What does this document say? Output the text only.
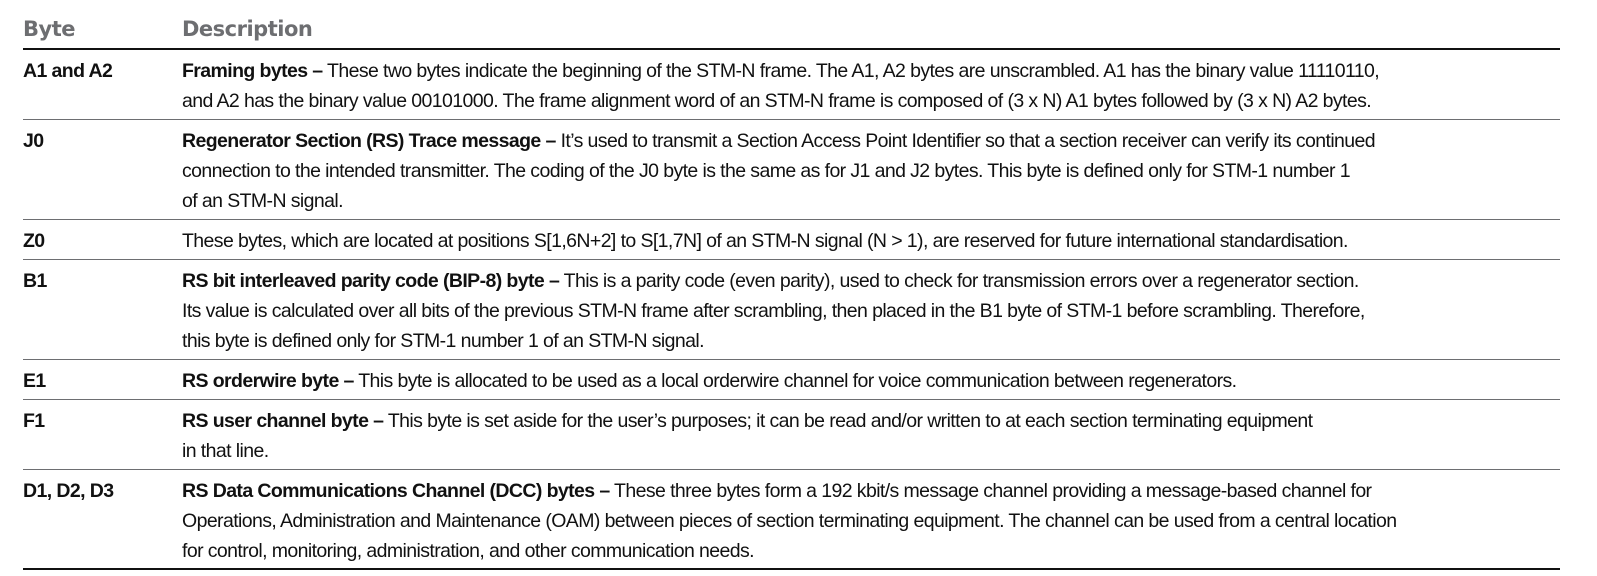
Byte	Description
A1 and A2	Framing bytes – These two bytes indicate the beginning of the STM-N frame. The A1, A2 bytes are unscrambled. A1 has the binary value 11110110,
and A2 has the binary value 00101000. The frame alignment word of an STM-N frame is composed of (3 x N) A1 bytes followed by (3 x N) A2 bytes.
J0	Regenerator Section (RS) Trace message – It’s used to transmit a Section Access Point Identifier so that a section receiver can verify its continued
connection to the intended transmitter. The coding of the J0 byte is the same as for J1 and J2 bytes. This byte is defined only for STM-1 number 1
of an STM-N signal.
Z0	These bytes, which are located at positions S[1,6N+2] to S[1,7N] of an STM-N signal (N > 1), are reserved for future international standardisation.
B1	RS bit interleaved parity code (BIP-8) byte – This is a parity code (even parity), used to check for transmission errors over a regenerator section.
Its value is calculated over all bits of the previous STM-N frame after scrambling, then placed in the B1 byte of STM-1 before scrambling. Therefore,
this byte is defined only for STM-1 number 1 of an STM-N signal.
E1	RS orderwire byte – This byte is allocated to be used as a local orderwire channel for voice communication between regenerators.
F1	RS user channel byte – This byte is set aside for the user’s purposes; it can be read and/or written to at each section terminating equipment
in that line.
D1, D2, D3	RS Data Communications Channel (DCC) bytes – These three bytes form a 192 kbit/s message channel providing a message-based channel for
Operations, Administration and Maintenance (OAM) between pieces of section terminating equipment. The channel can be used from a central location
for control, monitoring, administration, and other communication needs.
